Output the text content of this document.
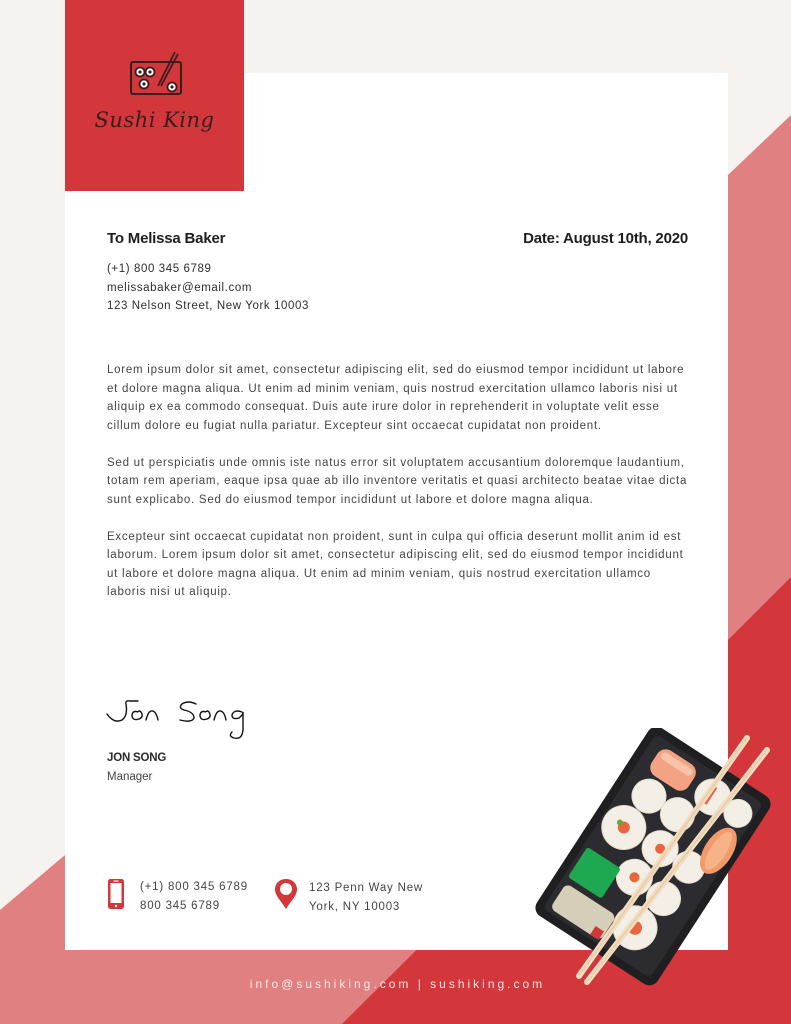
Sushi King
To Melissa Baker	Date: August 10th, 2020
(+1) 800 345 6789
melissabaker@email.com
123 Nelson Street, New York 10003

Lorem ipsum dolor sit amet, consectetur adipiscing elit, sed do eiusmod tempor incididunt ut labore et dolore magna aliqua. Ut enim ad minim veniam, quis nostrud exercitation ullamco laboris nisi ut aliquip ex ea commodo consequat. Duis aute irure dolor in reprehenderit in voluptate velit esse cillum dolore eu fugiat nulla pariatur. Excepteur sint occaecat cupidatat non proident.

Sed ut perspiciatis unde omnis iste natus error sit voluptatem accusantium doloremque laudantium, totam rem aperiam, eaque ipsa quae ab illo inventore veritatis et quasi architecto beatae vitae dicta sunt explicabo. Sed do eiusmod tempor incididunt ut labore et dolore magna aliqua.

Excepteur sint occaecat cupidatat non proident, sunt in culpa qui officia deserunt mollit anim id est laborum. Lorem ipsum dolor sit amet, consectetur adipiscing elit, sed do eiusmod tempor incididunt ut labore et dolore magna aliqua. Ut enim ad minim veniam, quis nostrud exercitation ullamco laboris nisi ut aliquip.

JON SONG
Manager
(+1) 800 345 6789
800 345 6789
123 Penn Way New
York, NY 10003
info@sushiking.com | sushiking.com
